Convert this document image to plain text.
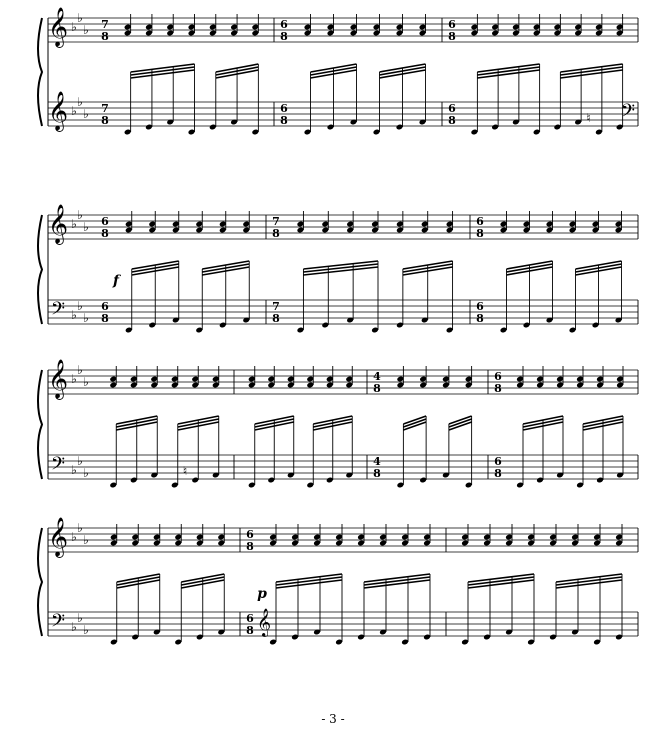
𝄞
𝄞
♭
♭
♭
♭
♭
♭
7
8
7
8
6
8
6
8
6
8
6
8	♮ 𝄢
𝄞
𝄢
♭
♭
♭
♭
♭
♭
f
6
8
6
8
7
8
7
8
6
8
6
8
𝄞
𝄢
♭
♭
♭
♭
♭
♭	♮
4
8
4
8
6
8
6
8
𝄞
𝄢
♭
♭
♭
♭
♭
♭
p
6
8
6
8 𝄞
- 3 -
